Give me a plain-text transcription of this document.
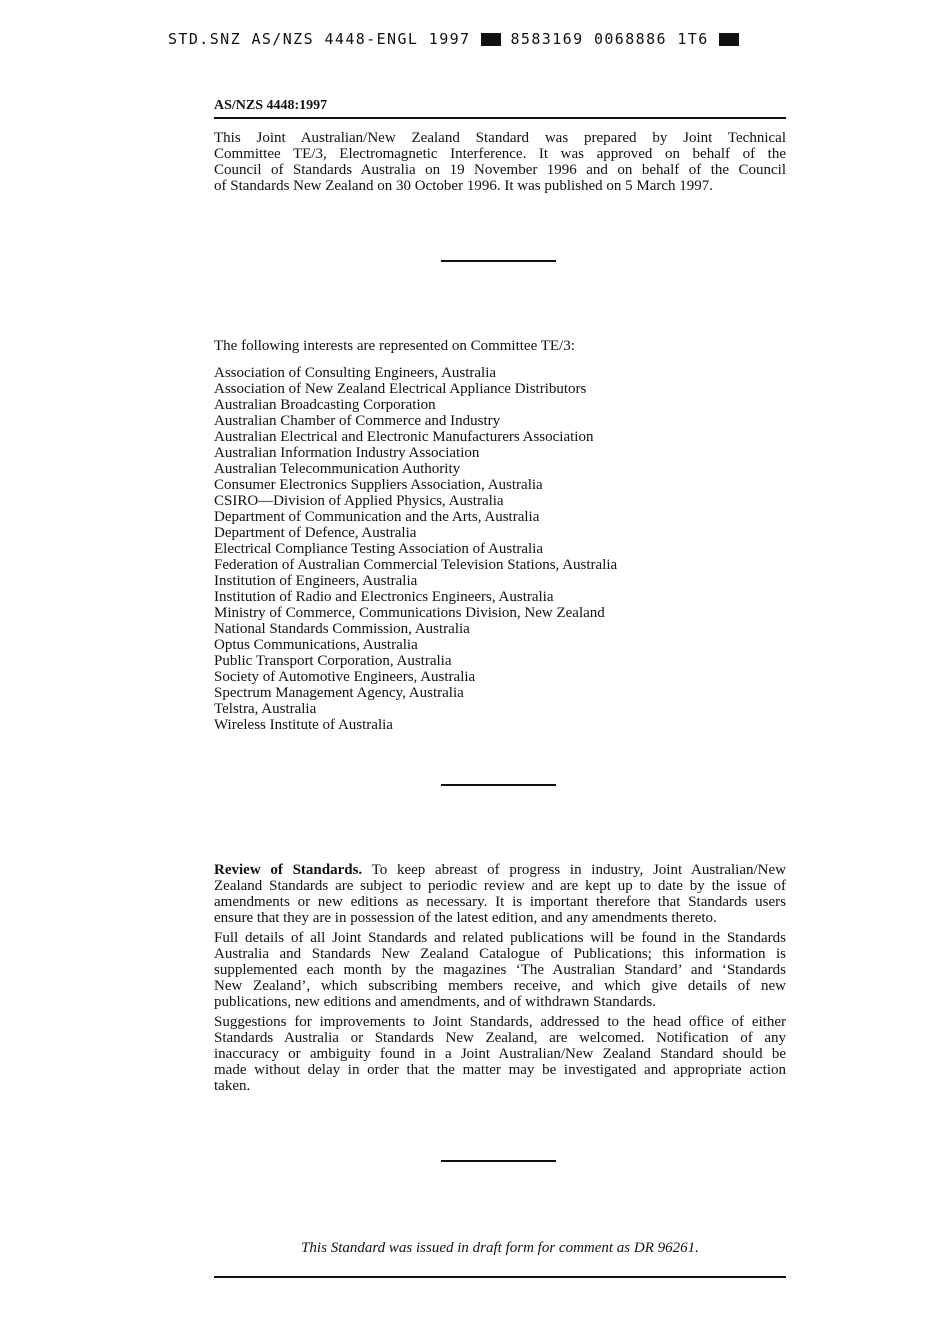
STD.SNZ AS/NZS 4448-ENGL 1997	8583169 0068886 1T6
AS/NZS 4448:1997
This Joint Australian/New Zealand Standard was prepared by Joint Technical
Committee TE/3, Electromagnetic Interference. It was approved on behalf of the
Council of Standards Australia on 19 November 1996 and on behalf of the Council
of Standards New Zealand on 30 October 1996. It was published on 5 March 1997.
The following interests are represented on Committee TE/3:
Association of Consulting Engineers, Australia
Association of New Zealand Electrical Appliance Distributors
Australian Broadcasting Corporation
Australian Chamber of Commerce and Industry
Australian Electrical and Electronic Manufacturers Association
Australian Information Industry Association
Australian Telecommunication Authority
Consumer Electronics Suppliers Association, Australia
CSIRO—Division of Applied Physics, Australia
Department of Communication and the Arts, Australia
Department of Defence, Australia
Electrical Compliance Testing Association of Australia
Federation of Australian Commercial Television Stations, Australia
Institution of Engineers, Australia
Institution of Radio and Electronics Engineers, Australia
Ministry of Commerce, Communications Division, New Zealand
National Standards Commission, Australia
Optus Communications, Australia
Public Transport Corporation, Australia
Society of Automotive Engineers, Australia
Spectrum Management Agency, Australia
Telstra, Australia
Wireless Institute of Australia
Review of Standards. To keep abreast of progress in industry, Joint Australian/New
Zealand Standards are subject to periodic review and are kept up to date by the issue of
amendments or new editions as necessary. It is important therefore that Standards users
ensure that they are in possession of the latest edition, and any amendments thereto.
Full details of all Joint Standards and related publications will be found in the Standards
Australia and Standards New Zealand Catalogue of Publications; this information is
supplemented each month by the magazines ‘The Australian Standard’ and ‘Standards
New Zealand’, which subscribing members receive, and which give details of new
publications, new editions and amendments, and of withdrawn Standards.
Suggestions for improvements to Joint Standards, addressed to the head office of either
Standards Australia or Standards New Zealand, are welcomed. Notification of any
inaccuracy or ambiguity found in a Joint Australian/New Zealand Standard should be
made without delay in order that the matter may be investigated and appropriate action
taken.
This Standard was issued in draft form for comment as DR 96261.
